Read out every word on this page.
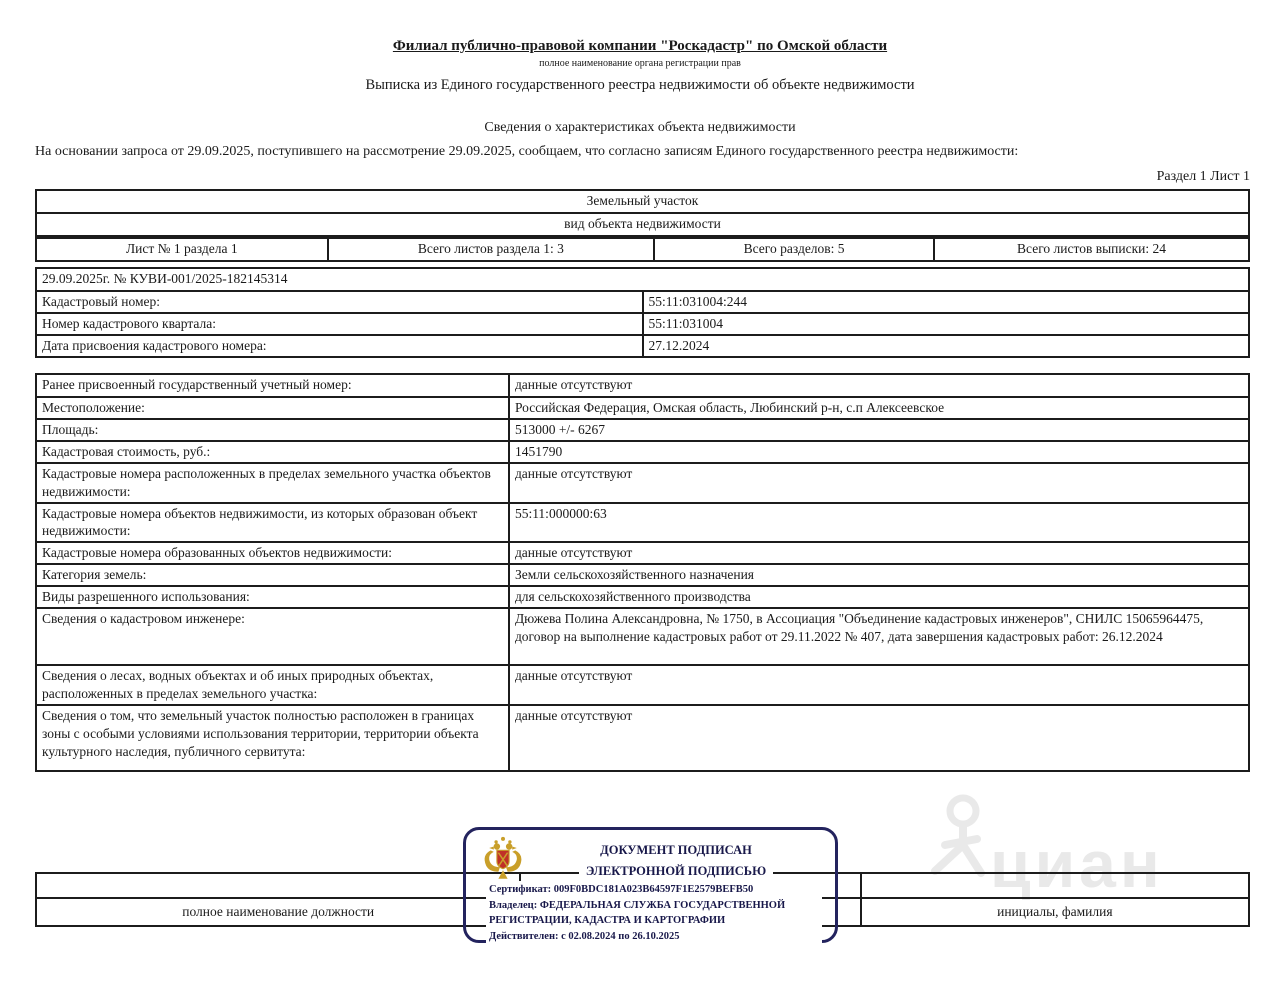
циан
Филиал публично-правовой компании "Роскадастр" по Омской области
полное наименование органа регистрации прав
Выписка из Единого государственного реестра недвижимости об объекте недвижимости
Сведения о характеристиках объекта недвижимости
На основании запроса от 29.09.2025, поступившего на рассмотрение 29.09.2025, сообщаем, что согласно записям Единого государственного реестра недвижимости:
Раздел 1 Лист 1
Земельный участок
вид объекта недвижимости
Лист № 1 раздела 1	Всего листов раздела 1: 3	Всего разделов: 5	Всего листов выписки: 24
29.09.2025г. № КУВИ-001/2025-182145314	
Кадастровый номер:	55:11:031004:244
Номер кадастрового квартала:	55:11:031004
Дата присвоения кадастрового номера:	27.12.2024
Ранее присвоенный государственный учетный номер:	данные отсутствуют
Местоположение:	Российская Федерация, Омская область, Любинский р-н, с.п Алексеевское
Площадь:	513000 +/- 6267
Кадастровая стоимость, руб.:	1451790
Кадастровые номера расположенных в пределах земельного участка объектов недвижимости:	данные отсутствуют
Кадастровые номера объектов недвижимости, из которых образован объект недвижимости:	55:11:000000:63
Кадастровые номера образованных объектов недвижимости:	данные отсутствуют
Категория земель:	Земли сельскохозяйственного назначения
Виды разрешенного использования:	для сельскохозяйственного производства
Сведения о кадастровом инженере:	Дюжева Полина Александровна, № 1750, в Ассоциация "Объединение кадастровых инженеров", СНИЛС 15065964475, договор на выполнение кадастровых работ от 29.11.2022 № 407, дата завершения кадастровых работ: 26.12.2024
Сведения о лесах, водных объектах и об иных природных объектах, расположенных в пределах земельного участка:	данные отсутствуют
Сведения о том, что земельный участок полностью расположен в границах зоны с особыми условиями использования территории, территории объекта культурного наследия, публичного сервитута:	данные отсутствуют

полное наименование должности		инициалы, фамилия
ДОКУМЕНТ ПОДПИСАН
ЭЛЕКТРОННОЙ ПОДПИСЬЮ
Сертификат: 009F0BDC181A023B64597F1E2579BEFB50
Владелец: ФЕДЕРАЛЬНАЯ СЛУЖБА ГОСУДАРСТВЕННОЙ
РЕГИСТРАЦИИ, КАДАСТРА И КАРТОГРАФИИ
Действителен: с 02.08.2024 по 26.10.2025
